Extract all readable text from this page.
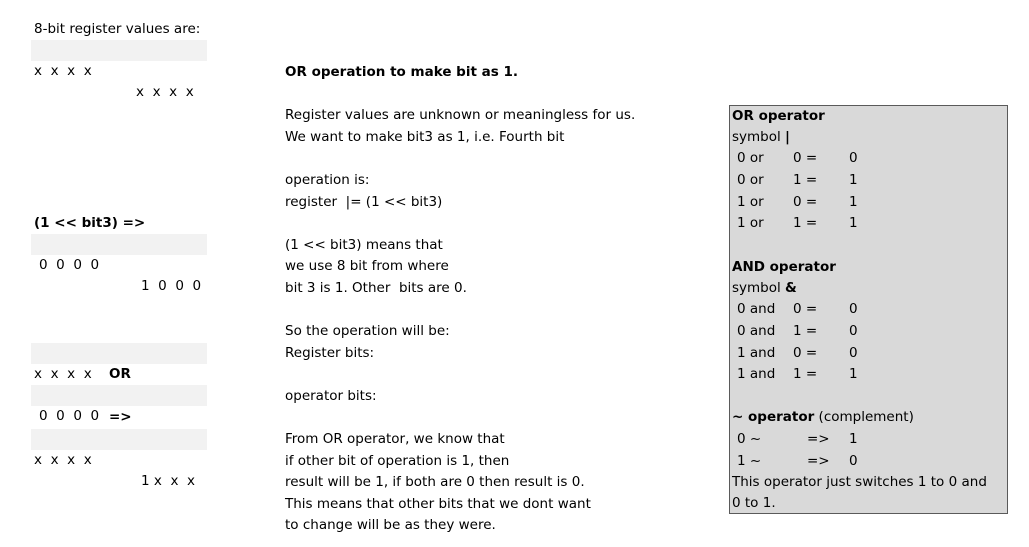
8-bit register values are:

x  x  x  x

x  x  x  x

(1 << bit3) =>

0  0  0  0

1  0  0  0

x  x  x  x

OR

0  0  0  0

=>

x  x  x  x

1 x  x  x

OR operation to make bit as 1.
Register values are unknown or meaningless for us.
We want to make bit3 as 1, i.e. Fourth bit
operation is:
register  |= (1 << bit3)
(1 << bit3) means that
we use 8 bit from where
bit 3 is 1. Other  bits are 0.
So the operation will be:
Register bits:
operator bits:
From OR operator, we know that
if other bit of operation is 1, then
result will be 1, if both are 0 then result is 0.
This means that other bits that we dont want
to change will be as they were.
OR operator
symbol |
0 or 0 = 0
0 or 1 = 1
1 or 0 = 1
1 or 1 = 1
AND operator
symbol &
0 and 0 = 0
0 and 1 = 0
1 and 0 = 0
1 and 1 = 1
~ operator (complement)
0 ~	=> 1
1 ~	=> 0
This operator just switches 1 to 0 and
0 to 1.
